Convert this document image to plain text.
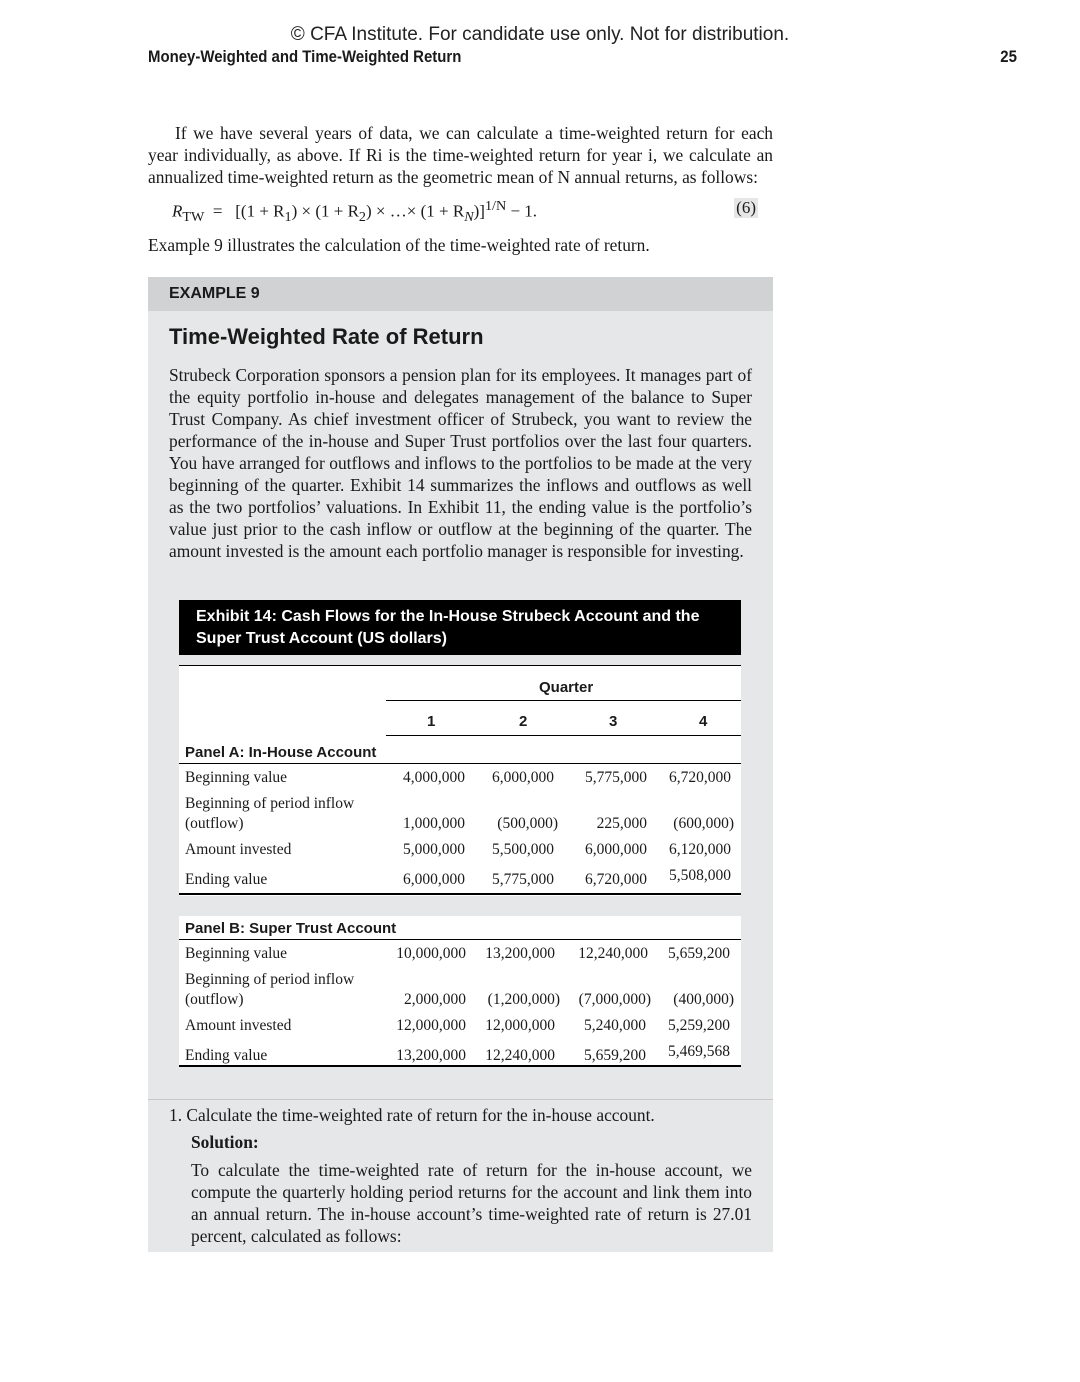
© CFA Institute. For candidate use only. Not for distribution.
Money-Weighted and Time-Weighted Return	25
If we have several years of data, we can calculate a time-weighted return for each year individually, as above. If Ri is the time-weighted return for year i, we calculate an annualized time-weighted return as the geometric mean of N annual returns, as follows:
$R_{TW} = [(1 + R_1) \times (1 + R_2)$ × …× $(1 + R_N)]^{1/N} - 1$.	(6)
Example 9 illustrates the calculation of the time-weighted rate of return.
EXAMPLE 9
Time-Weighted Rate of Return
Strubeck Corporation sponsors a pension plan for its employees. It manages part of the equity portfolio in-house and delegates management of the balance to Super Trust Company. As chief investment officer of Strubeck, you want to review the performance of the in-house and Super Trust portfolios over the last four quarters. You have arranged for outflows and inflows to the portfolios to be made at the very beginning of the quarter. Exhibit 14 summarizes the inflows and outflows as well as the two portfolios’ valuations. In Exhibit 11, the ending value is the portfolio’s value just prior to the cash inflow or outflow at the beginning of the quarter. The amount invested is the amount each portfolio manager is responsible for investing.
Exhibit 14: Cash Flows for the In-House Strubeck Account and the Super Trust Account (US dollars)
Quarter
1	2	3	4
Panel A: In-House Account
Beginning value	4,000,000 6,000,000 5,775,000 6,720,000
Beginning of period inflow
(outflow)	1,000,000 (500,000) 225,000 (600,000)
Amount invested	5,000,000 5,500,000 6,000,000 6,120,000
Ending value	6,000,000 5,775,000 6,720,000 5,508,000
Panel B: Super Trust Account
Beginning value	10,000,000 13,200,000 12,240,000 5,659,200
Beginning of period inflow
(outflow)	2,000,000 (1,200,000) (7,000,000) (400,000)
Amount invested	12,000,000 12,000,000 5,240,000 5,259,200
Ending value	13,200,000 12,240,000 5,659,200 5,469,568
1. Calculate the time-weighted rate of return for the in-house account.
Solution:
To calculate the time-weighted rate of return for the in-house account, we compute the quarterly holding period returns for the account and link them into an annual return. The in-house account’s time-weighted rate of return is 27.01 percent, calculated as follows:
